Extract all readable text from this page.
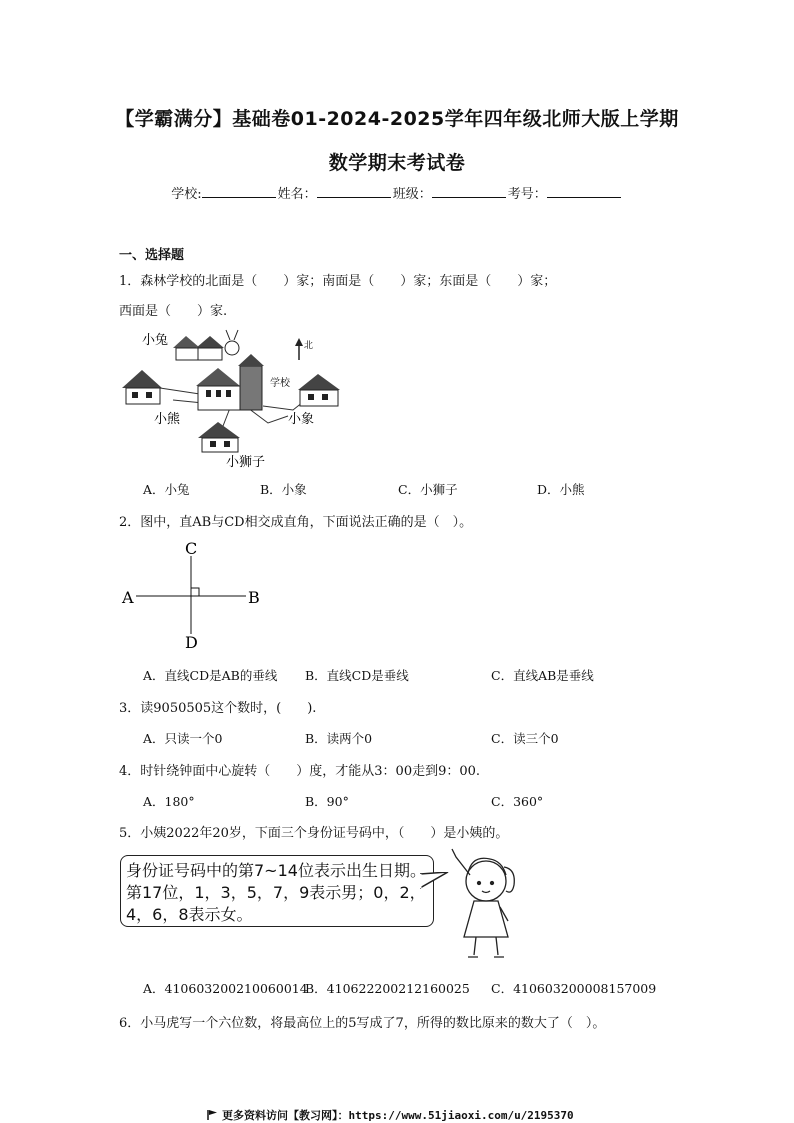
【学霸满分】基础卷01-2024-2025学年四年级北师大版上学期
数学期末考试卷
学校:	姓名：	班级：	考号：
一、选择题
1．森林学校的北面是（　　）家；南面是（　　）家；东面是（　　）家；
西面是（　　）家.
北
小兔
学校
小熊	小象
小狮子
A．小兔	B．小象	C．小狮子	D．小熊
2．图中，直AB与CD相交成直角，下面说法正确的是（　）。
A	B
C
D
A．直线CD是AB的垂线 B．直线CD是垂线	C．直线AB是垂线
3．读9050505这个数时，(　　).
A．只读一个0	B．读两个0	C．读三个0
4．时针绕钟面中心旋转（　　）度，才能从3：00走到9：00.
A．180°	B．90°	C．360°
5．小姨2022年20岁，下面三个身份证号码中，（　　）是小姨的。
身份证号码中的第7~14位表示出生日期。
第17位，1，3，5，7，9表示男；0，2，
4，6，8表示女。
A．410603200210060014
B．410622200212160025 C．410603200008157009
6．小马虎写一个六位数，将最高位上的5写成了7，所得的数比原来的数大了（　）。
更多资料访问【教习网】：https://www.51jiaoxi.com/u/2195370
